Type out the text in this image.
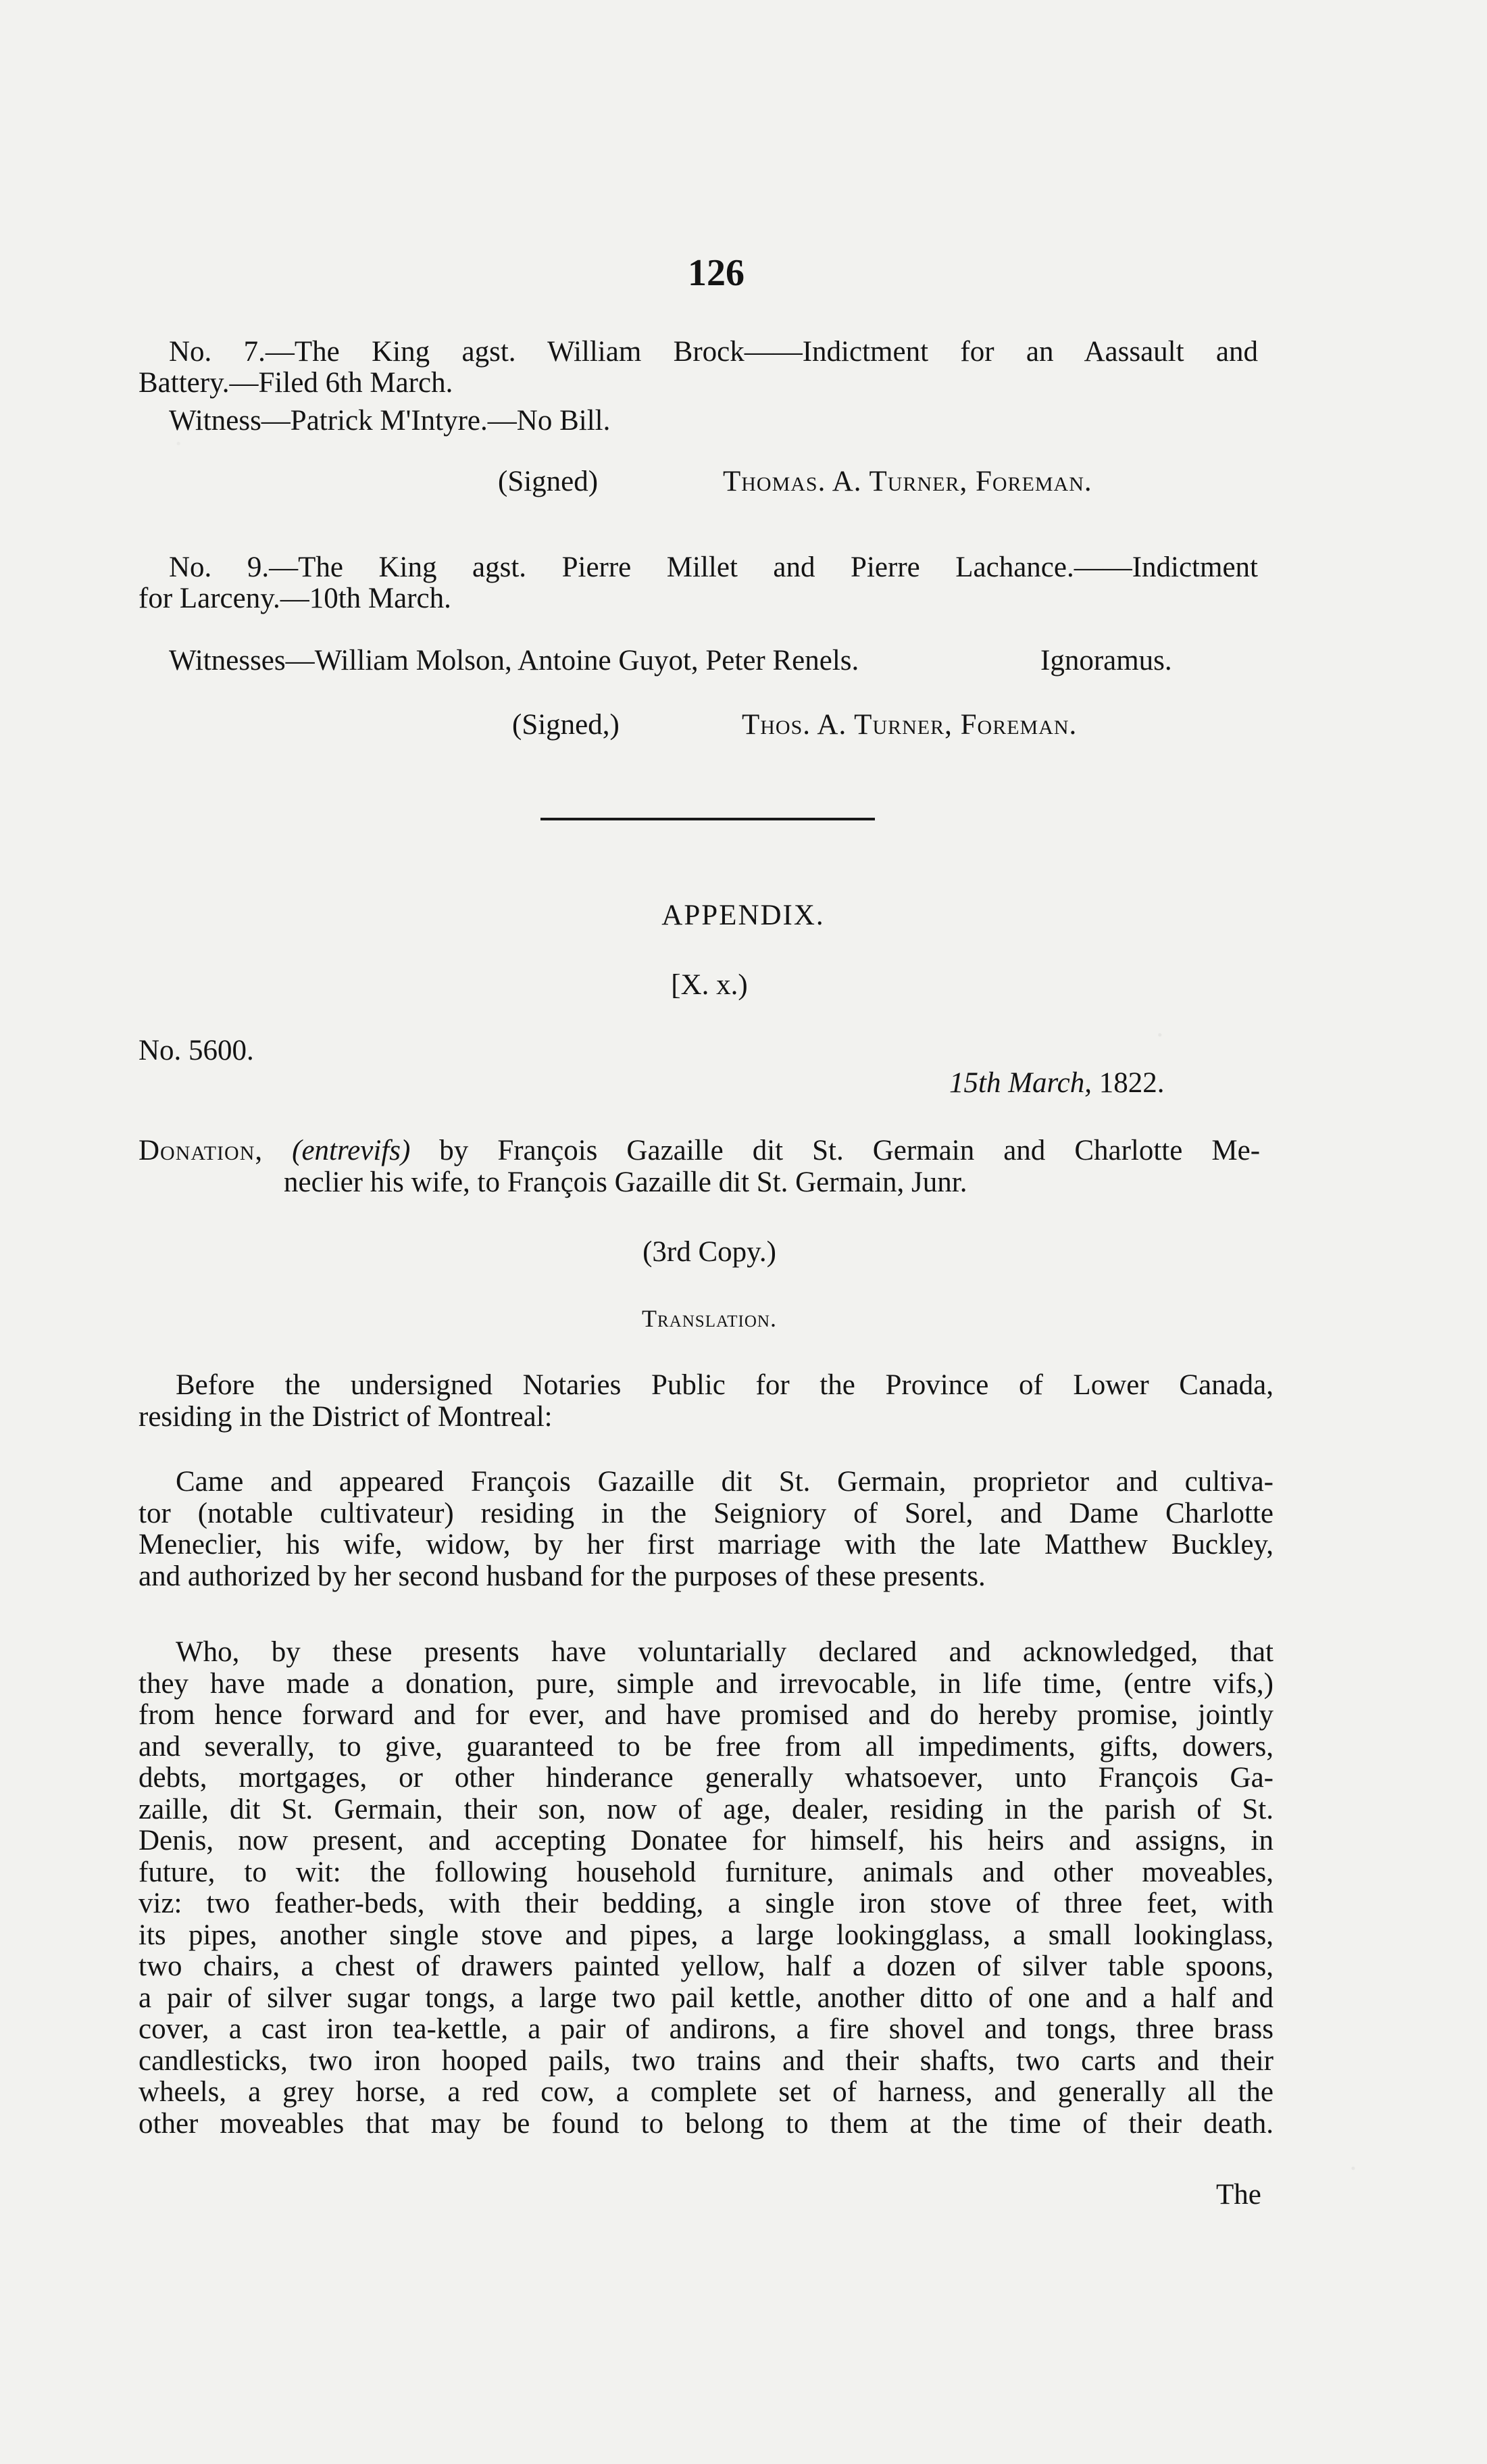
126
No. 7.—The King agst. William Brock——Indictment for an Aassault and
Battery.—Filed 6th March.
Witness—Patrick M'Intyre.—No Bill.
(Signed)	Thomas. A. Turner, Foreman.
No. 9.—The King agst. Pierre Millet and Pierre Lachance.——Indictment
for Larceny.—10th March.
Witnesses—William Molson, Antoine Guyot, Peter Renels.	Ignoramus.
(Signed,)	Thos. A. Turner, Foreman.
APPENDIX.
[X. x.)
No. 5600.
15th March, 1822.
Donation, (entrevifs) by François Gazaille dit St. Germain and Charlotte Me-
neclier his wife, to François Gazaille dit St. Germain, Junr.
(3rd Copy.)
Translation.

Before the undersigned Notaries Public for the Province of Lower Canada,

residing in the District of Montreal:

Came and appeared François Gazaille dit St. Germain, proprietor and cultiva-

tor (notable cultivateur) residing in the Seigniory of Sorel, and Dame Charlotte

Meneclier, his wife, widow, by her first marriage with the late Matthew Buckley,

and authorized by her second husband for the purposes of these presents.

Who, by these presents have voluntarially declared and acknowledged, that

they have made a donation, pure, simple and irrevocable, in life time, (entre vifs,)

from hence forward and for ever, and have promised and do hereby promise, jointly

and severally, to give, guaranteed to be free from all impediments, gifts, dowers,

debts, mortgages, or other hinderance generally whatsoever, unto François Ga-

zaille, dit St. Germain, their son, now of age, dealer, residing in the parish of St.

Denis, now present, and accepting Donatee for himself, his heirs and assigns, in

future, to wit: the following household furniture, animals and other moveables,

viz: two feather-beds, with their bedding, a single iron stove of three feet, with

its pipes, another single stove and pipes, a large lookingglass, a small lookinglass,

two chairs, a chest of drawers painted yellow, half a dozen of silver table spoons,

a pair of silver sugar tongs, a large two pail kettle, another ditto of one and a half and

cover, a cast iron tea-kettle, a pair of andirons, a fire shovel and tongs, three brass

candlesticks, two iron hooped pails, two trains and their shafts, two carts and their

wheels, a grey horse, a red cow, a complete set of harness, and generally all the

other moveables that may be found to belong to them at the time of their death.

The
